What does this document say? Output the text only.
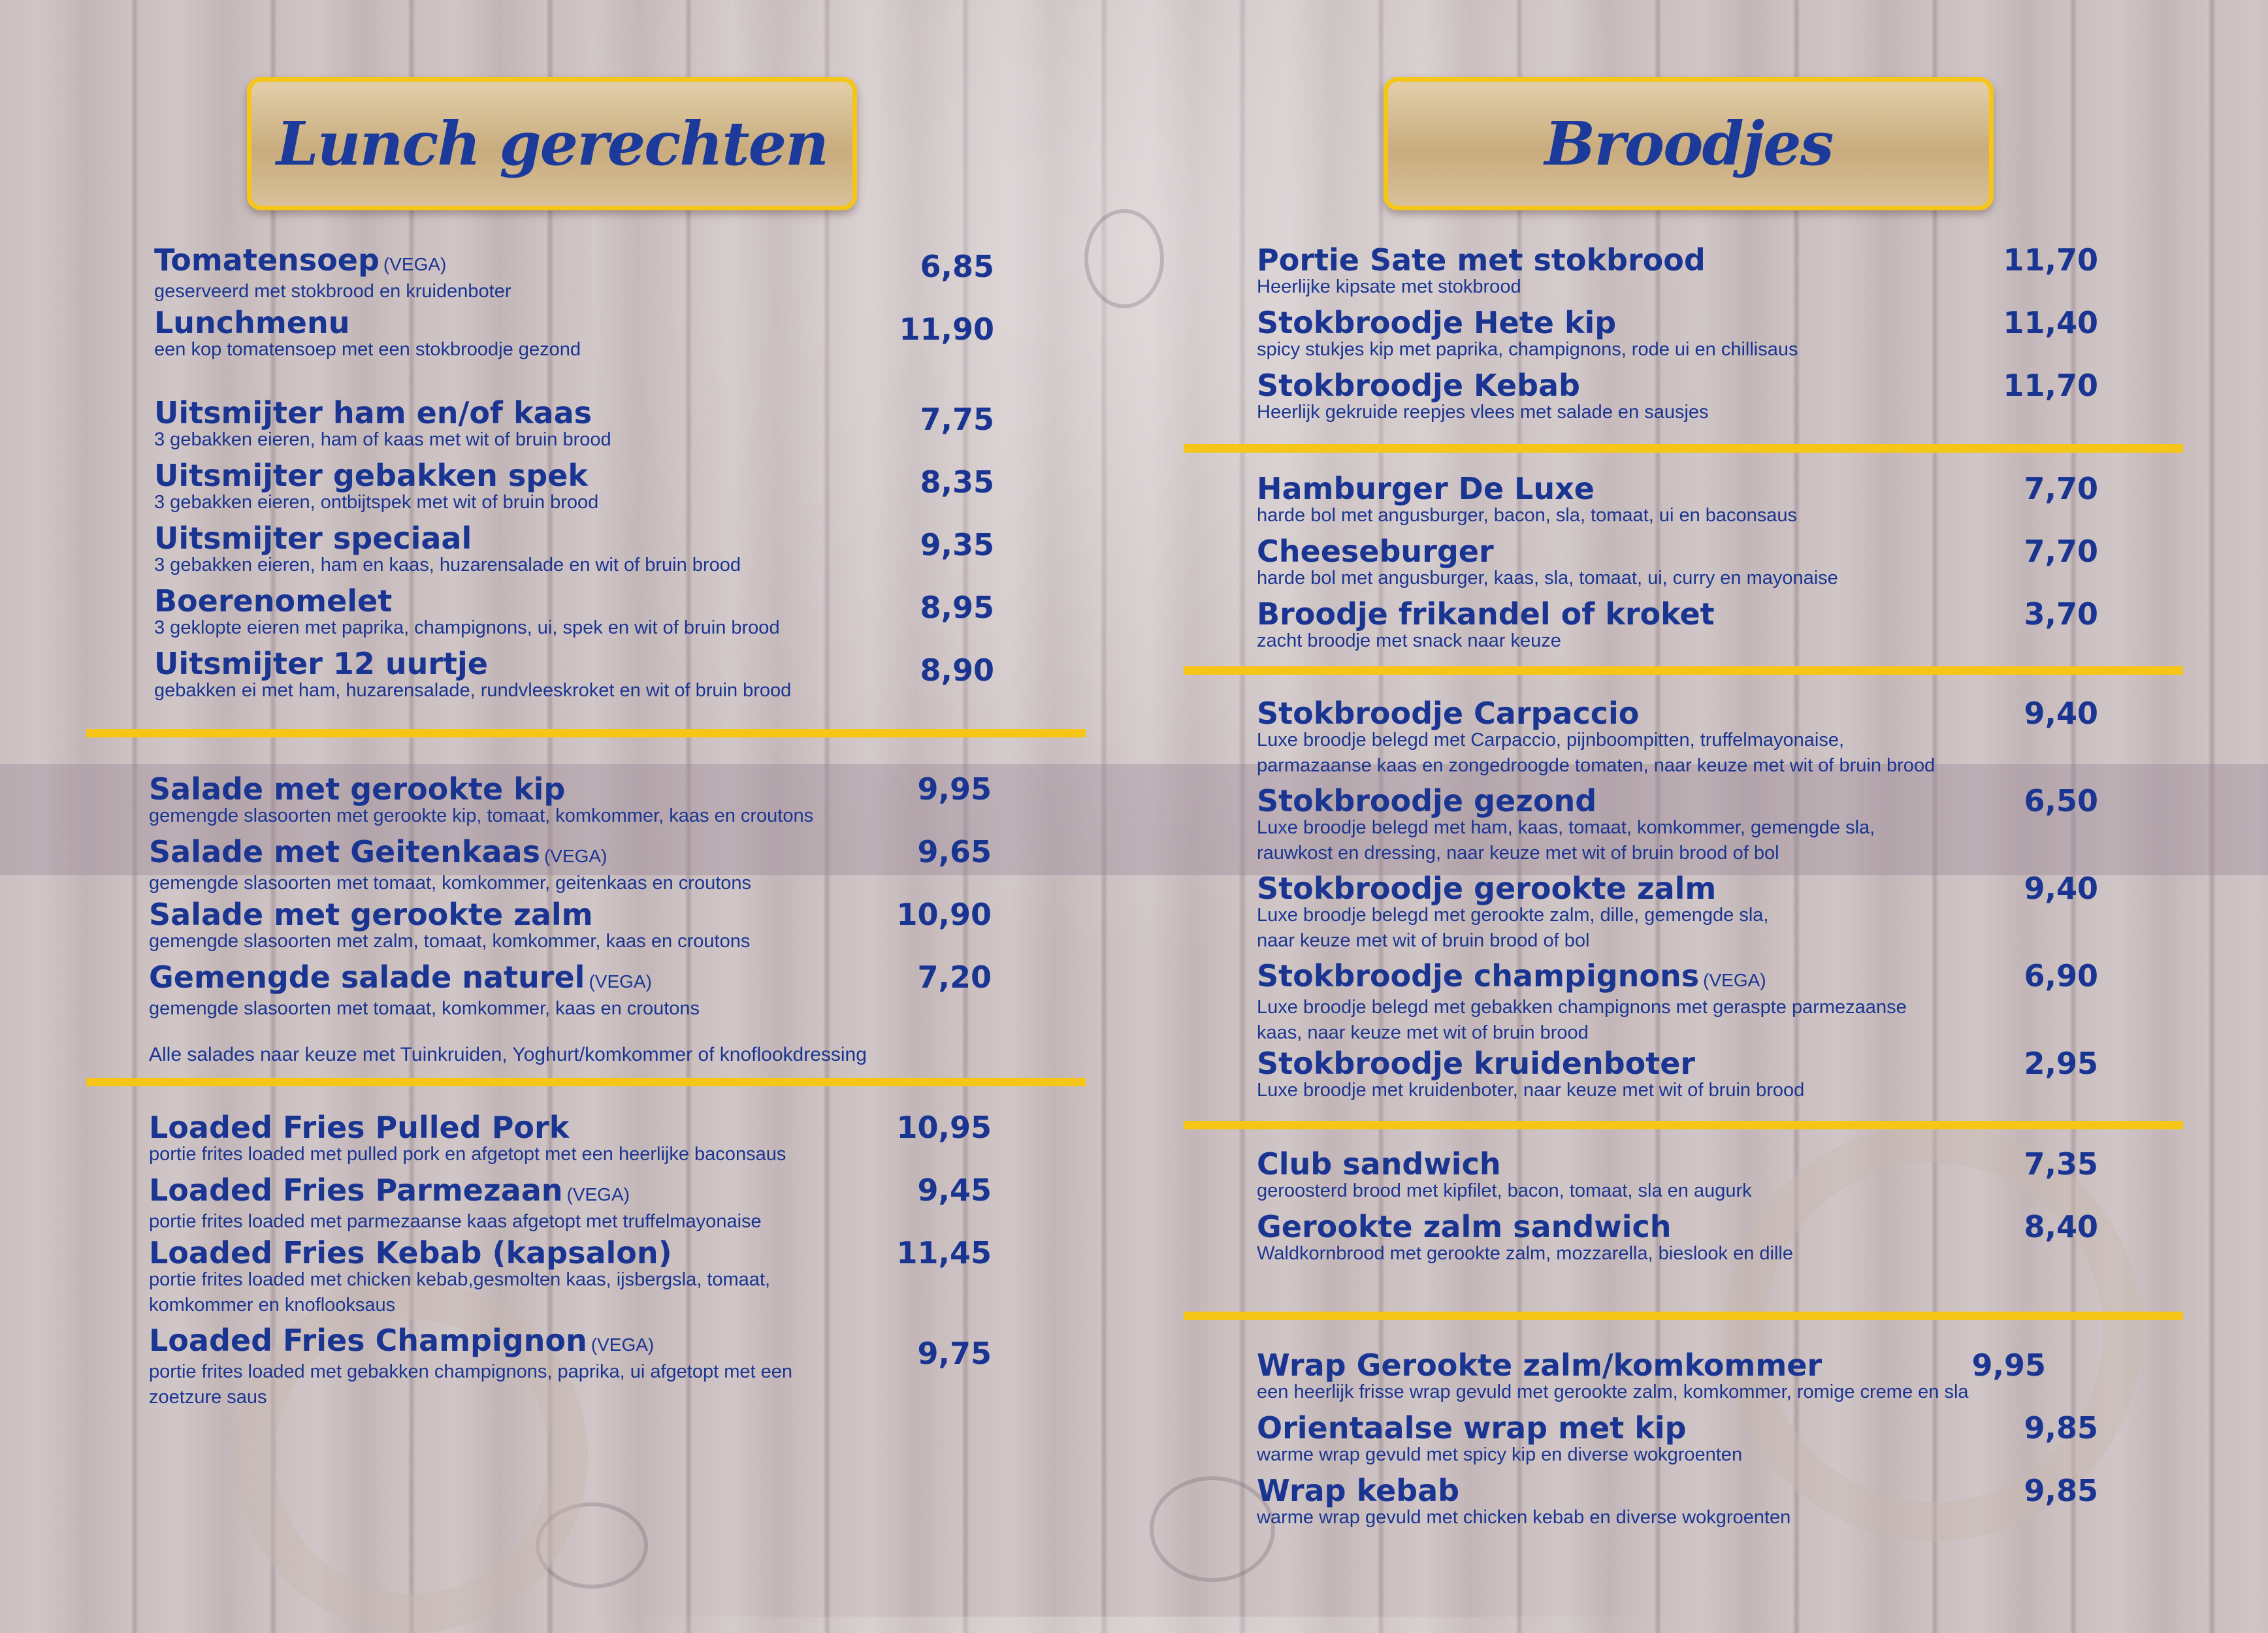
Lunch gerechten	Broodjes
Tomatensoep (VEGA)
geserveerd met stokbrood en kruidenboter
6,85
Lunchmenu
een kop tomatensoep met een stokbroodje gezond
11,90
Uitsmijter ham en/of kaas
3 gebakken eieren, ham of kaas met wit of bruin brood
7,75
Uitsmijter gebakken spek
3 gebakken eieren, ontbijtspek met wit of bruin brood
8,35
Uitsmijter speciaal
3 gebakken eieren, ham en kaas, huzarensalade en wit of bruin brood
9,35
Boerenomelet
3 geklopte eieren met paprika, champignons, ui, spek en wit of bruin brood
8,95
Uitsmijter 12 uurtje
gebakken ei met ham, huzarensalade, rundvleeskroket en wit of bruin brood
8,90
Salade met gerookte kip
gemengde slasoorten met gerookte kip, tomaat, komkommer, kaas en croutons
9,95
Salade met Geitenkaas (VEGA)
gemengde slasoorten met tomaat, komkommer, geitenkaas en croutons
9,65
Salade met gerookte zalm
gemengde slasoorten met zalm, tomaat, komkommer, kaas en croutons
10,90
Gemengde salade naturel (VEGA)
gemengde slasoorten met tomaat, komkommer, kaas en croutons
7,20
Alle salades naar keuze met Tuinkruiden, Yoghurt/komkommer of knoflookdressing
Loaded Fries Pulled Pork
portie frites loaded met pulled pork en afgetopt met een heerlijke baconsaus
10,95
Loaded Fries Parmezaan (VEGA)
portie frites loaded met parmezaanse kaas afgetopt met truffelmayonaise
9,45
Loaded Fries Kebab (kapsalon)
portie frites loaded met chicken kebab,gesmolten kaas, ijsbergsla, tomaat,
komkommer en knoflooksaus
11,45
Loaded Fries Champignon (VEGA)
portie frites loaded met gebakken champignons, paprika, ui afgetopt met een
zoetzure saus
9,75
Portie Sate met stokbrood
Heerlijke kipsate met stokbrood
11,70
Stokbroodje Hete kip
spicy stukjes kip met paprika, champignons, rode ui en chillisaus
11,40
Stokbroodje Kebab
Heerlijk gekruide reepjes vlees met salade en sausjes
11,70
Hamburger De Luxe
harde bol met angusburger, bacon, sla, tomaat, ui en baconsaus
7,70
Cheeseburger
harde bol met angusburger, kaas, sla, tomaat, ui, curry en mayonaise
7,70
Broodje frikandel of kroket
zacht broodje met snack naar keuze
3,70
Stokbroodje Carpaccio
Luxe broodje belegd met Carpaccio, pijnboompitten, truffelmayonaise,
parmazaanse kaas en zongedroogde tomaten, naar keuze met wit of bruin brood
9,40
Stokbroodje gezond
Luxe broodje belegd met ham, kaas, tomaat, komkommer, gemengde sla,
rauwkost en dressing, naar keuze met wit of bruin brood of bol
6,50
Stokbroodje gerookte zalm
Luxe broodje belegd met gerookte zalm, dille, gemengde sla,
naar keuze met wit of bruin brood of bol
9,40
Stokbroodje champignons (VEGA)
Luxe broodje belegd met gebakken champignons met geraspte parmezaanse
kaas, naar keuze met wit of bruin brood
6,90
Stokbroodje kruidenboter
Luxe broodje met kruidenboter, naar keuze met wit of bruin brood
2,95
Club sandwich
geroosterd brood met kipfilet, bacon, tomaat, sla en augurk
7,35
Gerookte zalm sandwich
Waldkornbrood met gerookte zalm, mozzarella, bieslook en dille
8,40
Wrap Gerookte zalm/komkommer
een heerlijk frisse wrap gevuld met gerookte zalm, komkommer, romige creme en sla
9,95
Orientaalse wrap met kip
warme wrap gevuld met spicy kip en diverse wokgroenten
9,85
Wrap kebab
warme wrap gevuld met chicken kebab en diverse wokgroenten
9,85
